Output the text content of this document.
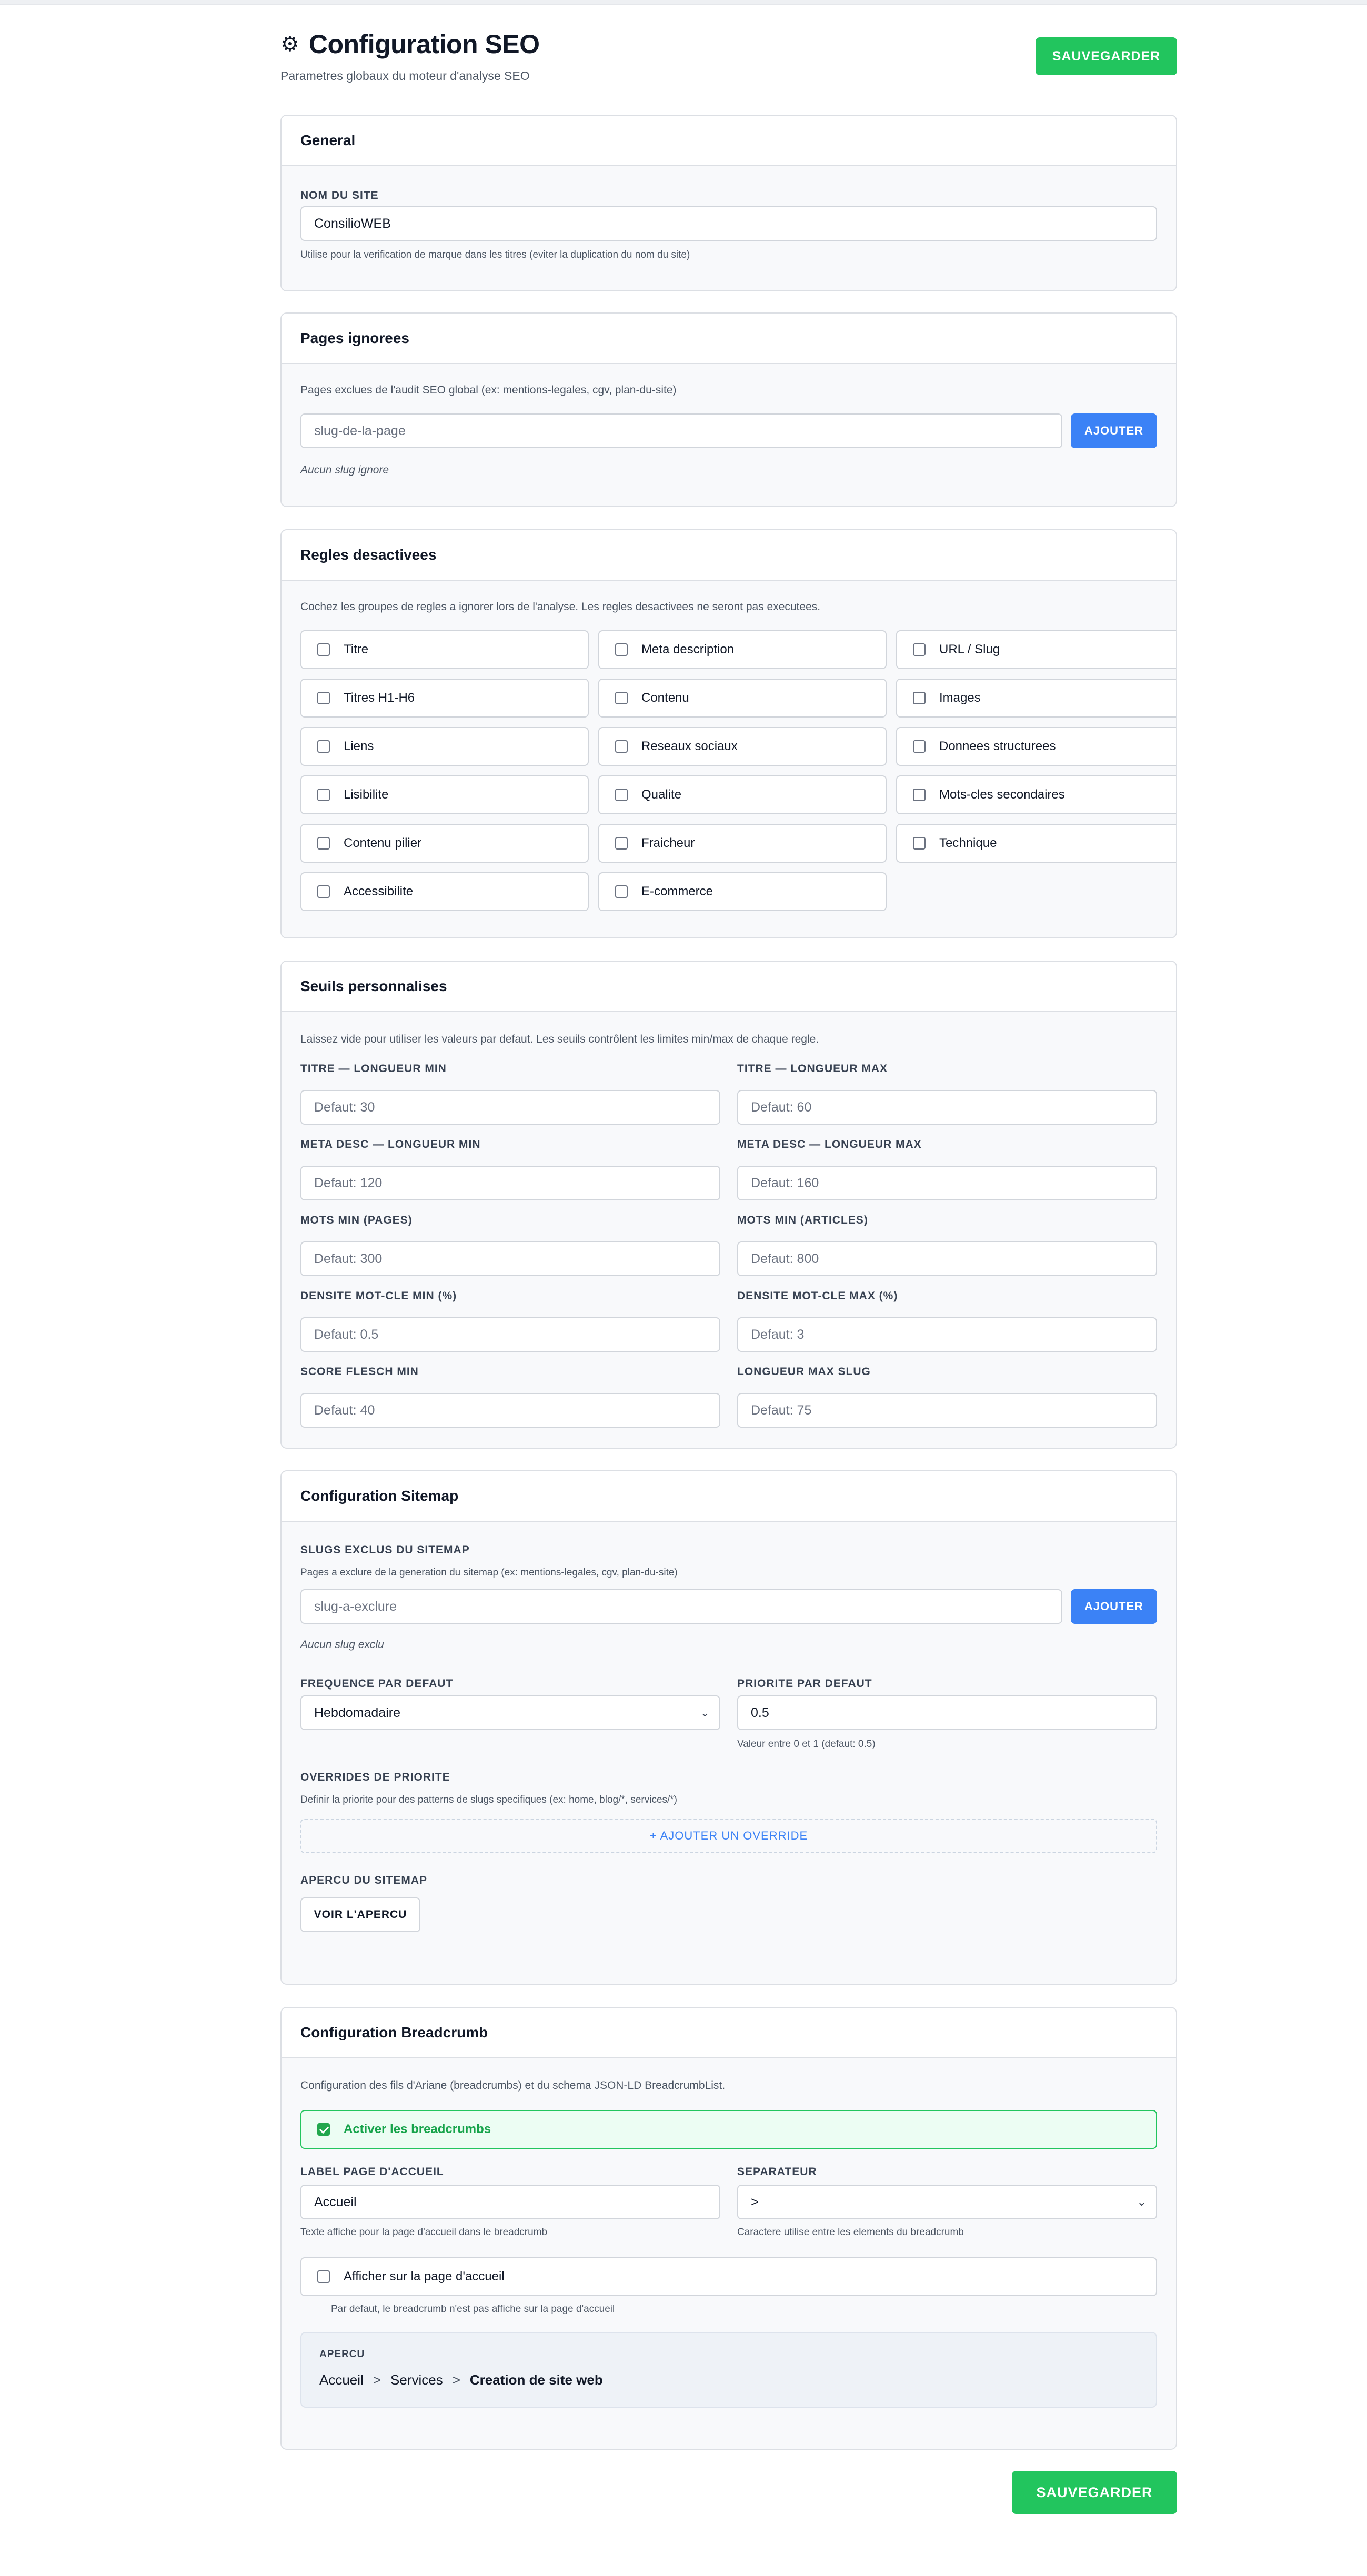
⚙ Configuration SEO
Parametres globaux du moteur d'analyse SEO
SAUVEGARDER
General
NOM DU SITE
ConsilioWEB
Utilise pour la verification de marque dans les titres (eviter la duplication du nom du site)
Pages ignorees
Pages exclues de l'audit SEO global (ex: mentions-legales, cgv, plan-du-site)
slug-de-la-page	AJOUTER
Aucun slug ignore
Regles desactivees
Cochez les groupes de regles a ignorer lors de l'analyse. Les regles desactivees ne seront pas executees.
Titre	Meta description	URL / Slug
Titres H1-H6	Contenu	Images
Liens	Reseaux sociaux	Donnees structurees
Lisibilite	Qualite	Mots-cles secondaires
Contenu pilier	Fraicheur	Technique
Accessibilite	E-commerce
Seuils personnalises
Laissez vide pour utiliser les valeurs par defaut. Les seuils contrôlent les limites min/max de chaque regle.
TITRE — LONGUEUR MIN
Defaut: 30
TITRE — LONGUEUR MAX
Defaut: 60
META DESC — LONGUEUR MIN
Defaut: 120
META DESC — LONGUEUR MAX
Defaut: 160
MOTS MIN (PAGES)
Defaut: 300
MOTS MIN (ARTICLES)
Defaut: 800
DENSITE MOT-CLE MIN (%)
Defaut: 0.5
DENSITE MOT-CLE MAX (%)
Defaut: 3
SCORE FLESCH MIN
Defaut: 40
LONGUEUR MAX SLUG
Defaut: 75
Configuration Sitemap
SLUGS EXCLUS DU SITEMAP
Pages a exclure de la generation du sitemap (ex: mentions-legales, cgv, plan-du-site)
slug-a-exclure	AJOUTER
Aucun slug exclu
FREQUENCE PAR DEFAUT
Hebdomadaire	⌄
PRIORITE PAR DEFAUT
0.5
Valeur entre 0 et 1 (defaut: 0.5)
OVERRIDES DE PRIORITE
Definir la priorite pour des patterns de slugs specifiques (ex: home, blog/*, services/*)
+ AJOUTER UN OVERRIDE
APERCU DU SITEMAP
VOIR L'APERCU
Configuration Breadcrumb
Configuration des fils d'Ariane (breadcrumbs) et du schema JSON-LD BreadcrumbList.
Activer les breadcrumbs
LABEL PAGE D'ACCUEIL
Accueil
Texte affiche pour la page d'accueil dans le breadcrumb
SEPARATEUR
>	⌄
Caractere utilise entre les elements du breadcrumb
Afficher sur la page d'accueil
Par defaut, le breadcrumb n'est pas affiche sur la page d'accueil
APERCU
Accueil > Services > Creation de site web
SAUVEGARDER
